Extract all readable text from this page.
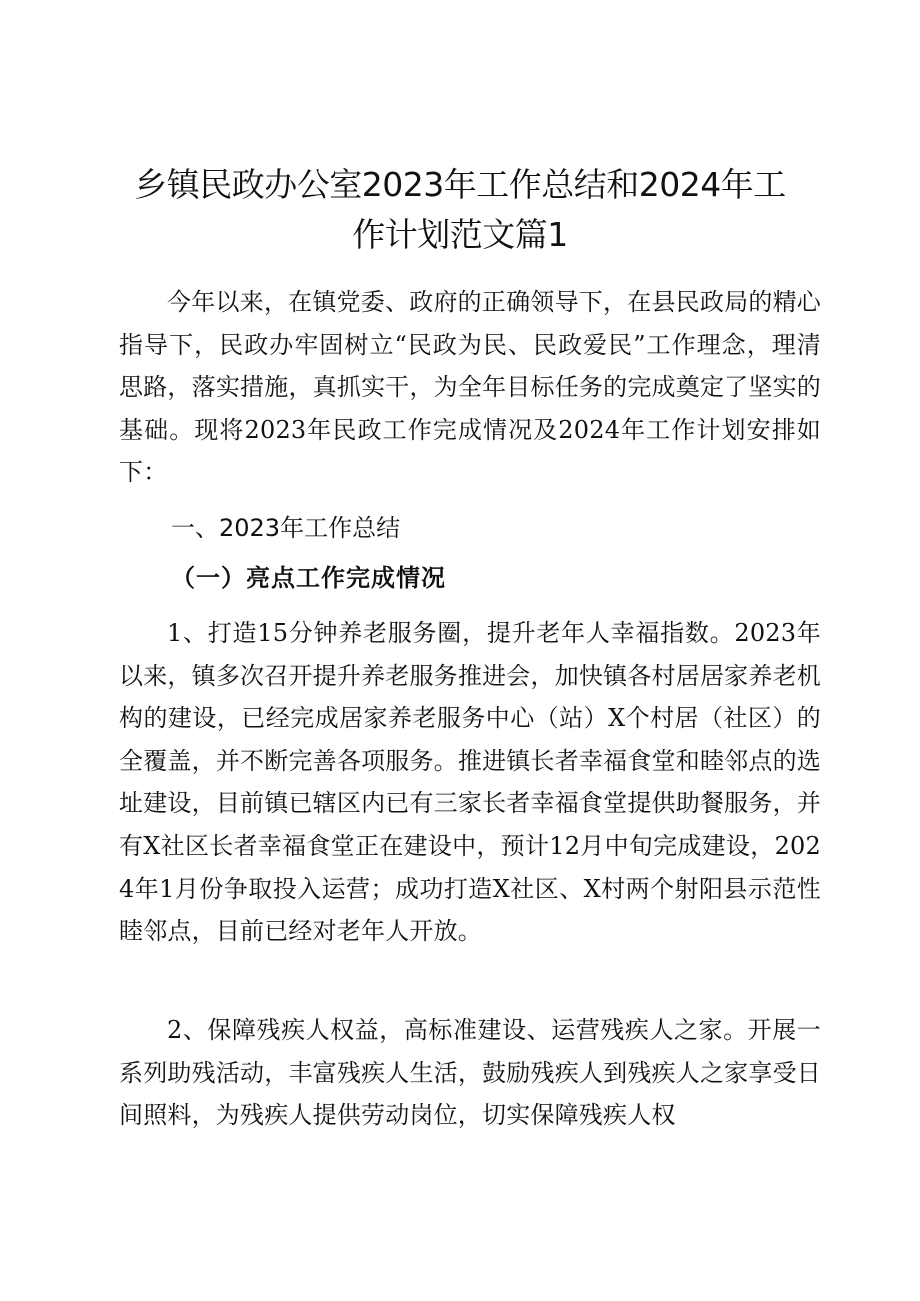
乡镇民政办公室2023年工作总结和2024年工
作计划范文篇1

今年以来，在镇党委、政府的正确领导下，在县民政局的精心指导下，民政办牢固树立“民政为民、民政爱民”工作理念，理清思路，落实措施，真抓实干，为全年目标任务的完成奠定了坚实的基础。现将2023年民政工作完成情况及2024年工作计划安排如下：

一、2023年工作总结
（一）亮点工作完成情况

1、打造15分钟养老服务圈，提升老年人幸福指数。2023年以来，镇多次召开提升养老服务推进会，加快镇各村居居家养老机构的建设，已经完成居家养老服务中心（站）X个村居（社区）的全覆盖，并不断完善各项服务。推进镇长者幸福食堂和睦邻点的选址建设，目前镇已辖区内已有三家长者幸福食堂提供助餐服务，并有X社区长者幸福食堂正在建设中，预计12月中旬完成建设，2024年1月份争取投入运营；成功打造X社区、X村两个射阳县示范性睦邻点，目前已经对老年人开放。

2、保障残疾人权益，高标准建设、运营残疾人之家。开展一系列助残活动，丰富残疾人生活，鼓励残疾人到残疾人之家享受日间照料，为残疾人提供劳动岗位，切实保障残疾人权
